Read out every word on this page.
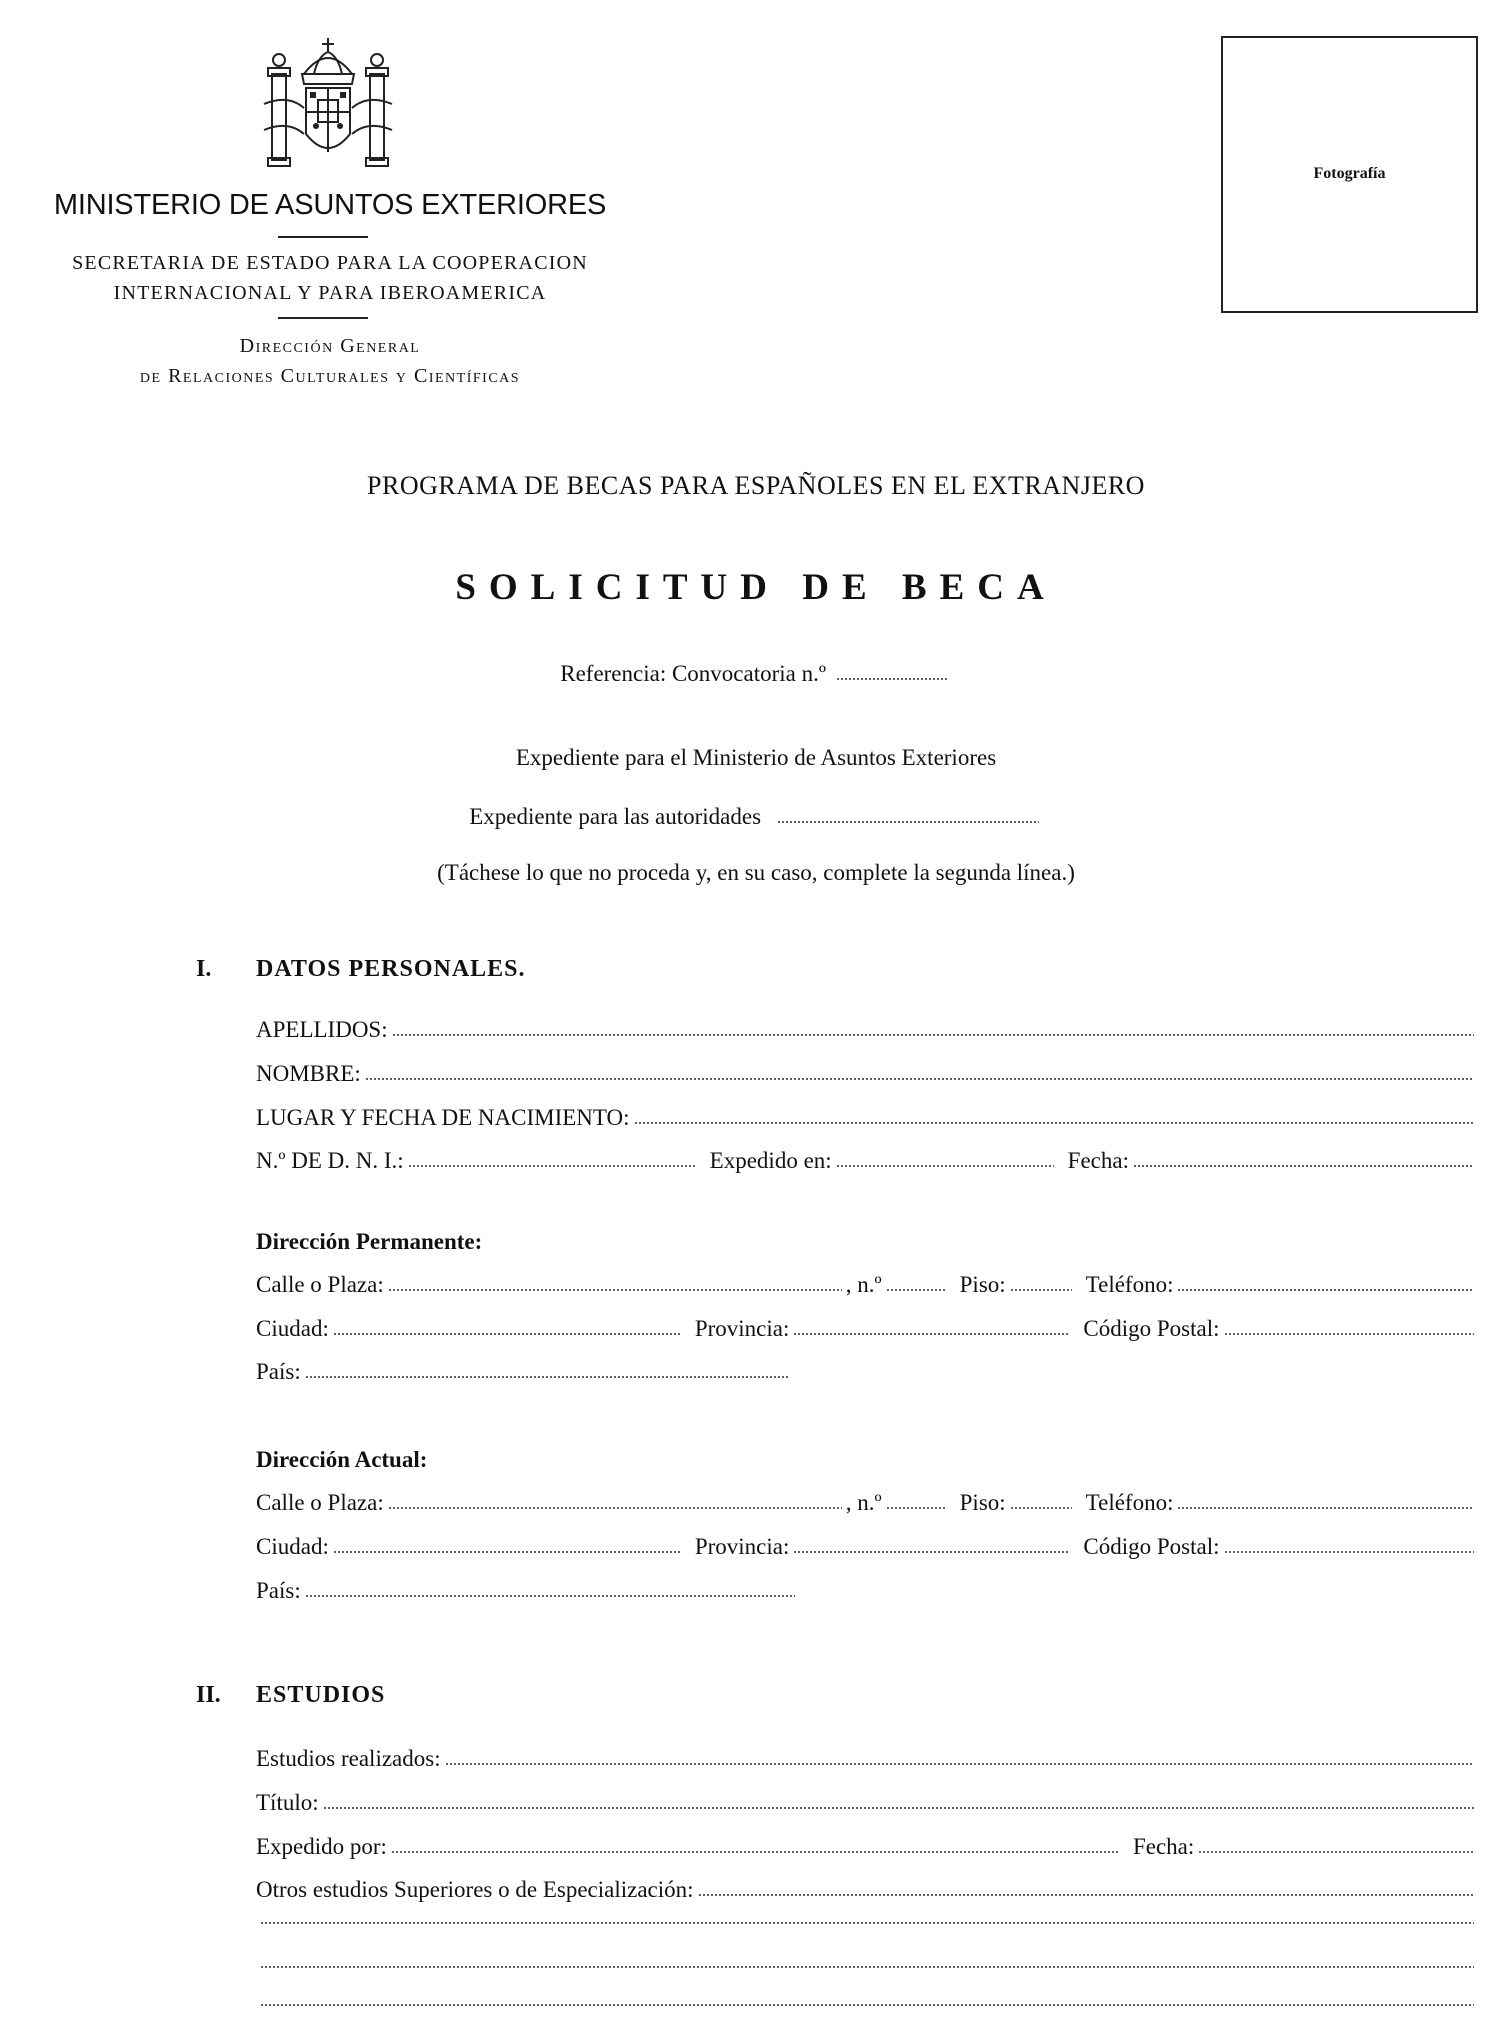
MINISTERIO DE ASUNTOS EXTERIORES
SECRETARIA DE ESTADO PARA LA COOPERACION
INTERNACIONAL Y PARA IBEROAMERICA
Dirección General
de Relaciones Culturales y Científicas
Fotografía
PROGRAMA DE BECAS PARA ESPAÑOLES EN EL EXTRANJERO
SOLICITUD DE BECA
Referencia: Convocatoria n.º
Expediente para el Ministerio de Asuntos Exteriores
Expediente para las autoridades
(Táchese lo que no proceda y, en su caso, complete la segunda línea.)
I. DATOS PERSONALES.
APELLIDOS:
NOMBRE:
LUGAR Y FECHA DE NACIMIENTO:
N.º DE D. N. I.:	Expedido en:	Fecha:
Dirección Permanente:
Calle o Plaza:	, n.º	Piso:	Teléfono:
Ciudad:	Provincia:	Código Postal:
País:
Dirección Actual:
Calle o Plaza:	, n.º	Piso:	Teléfono:
Ciudad:	Provincia:	Código Postal:
País:
II. ESTUDIOS
Estudios realizados:
Título:
Expedido por:	Fecha:
Otros estudios Superiores o de Especialización:
